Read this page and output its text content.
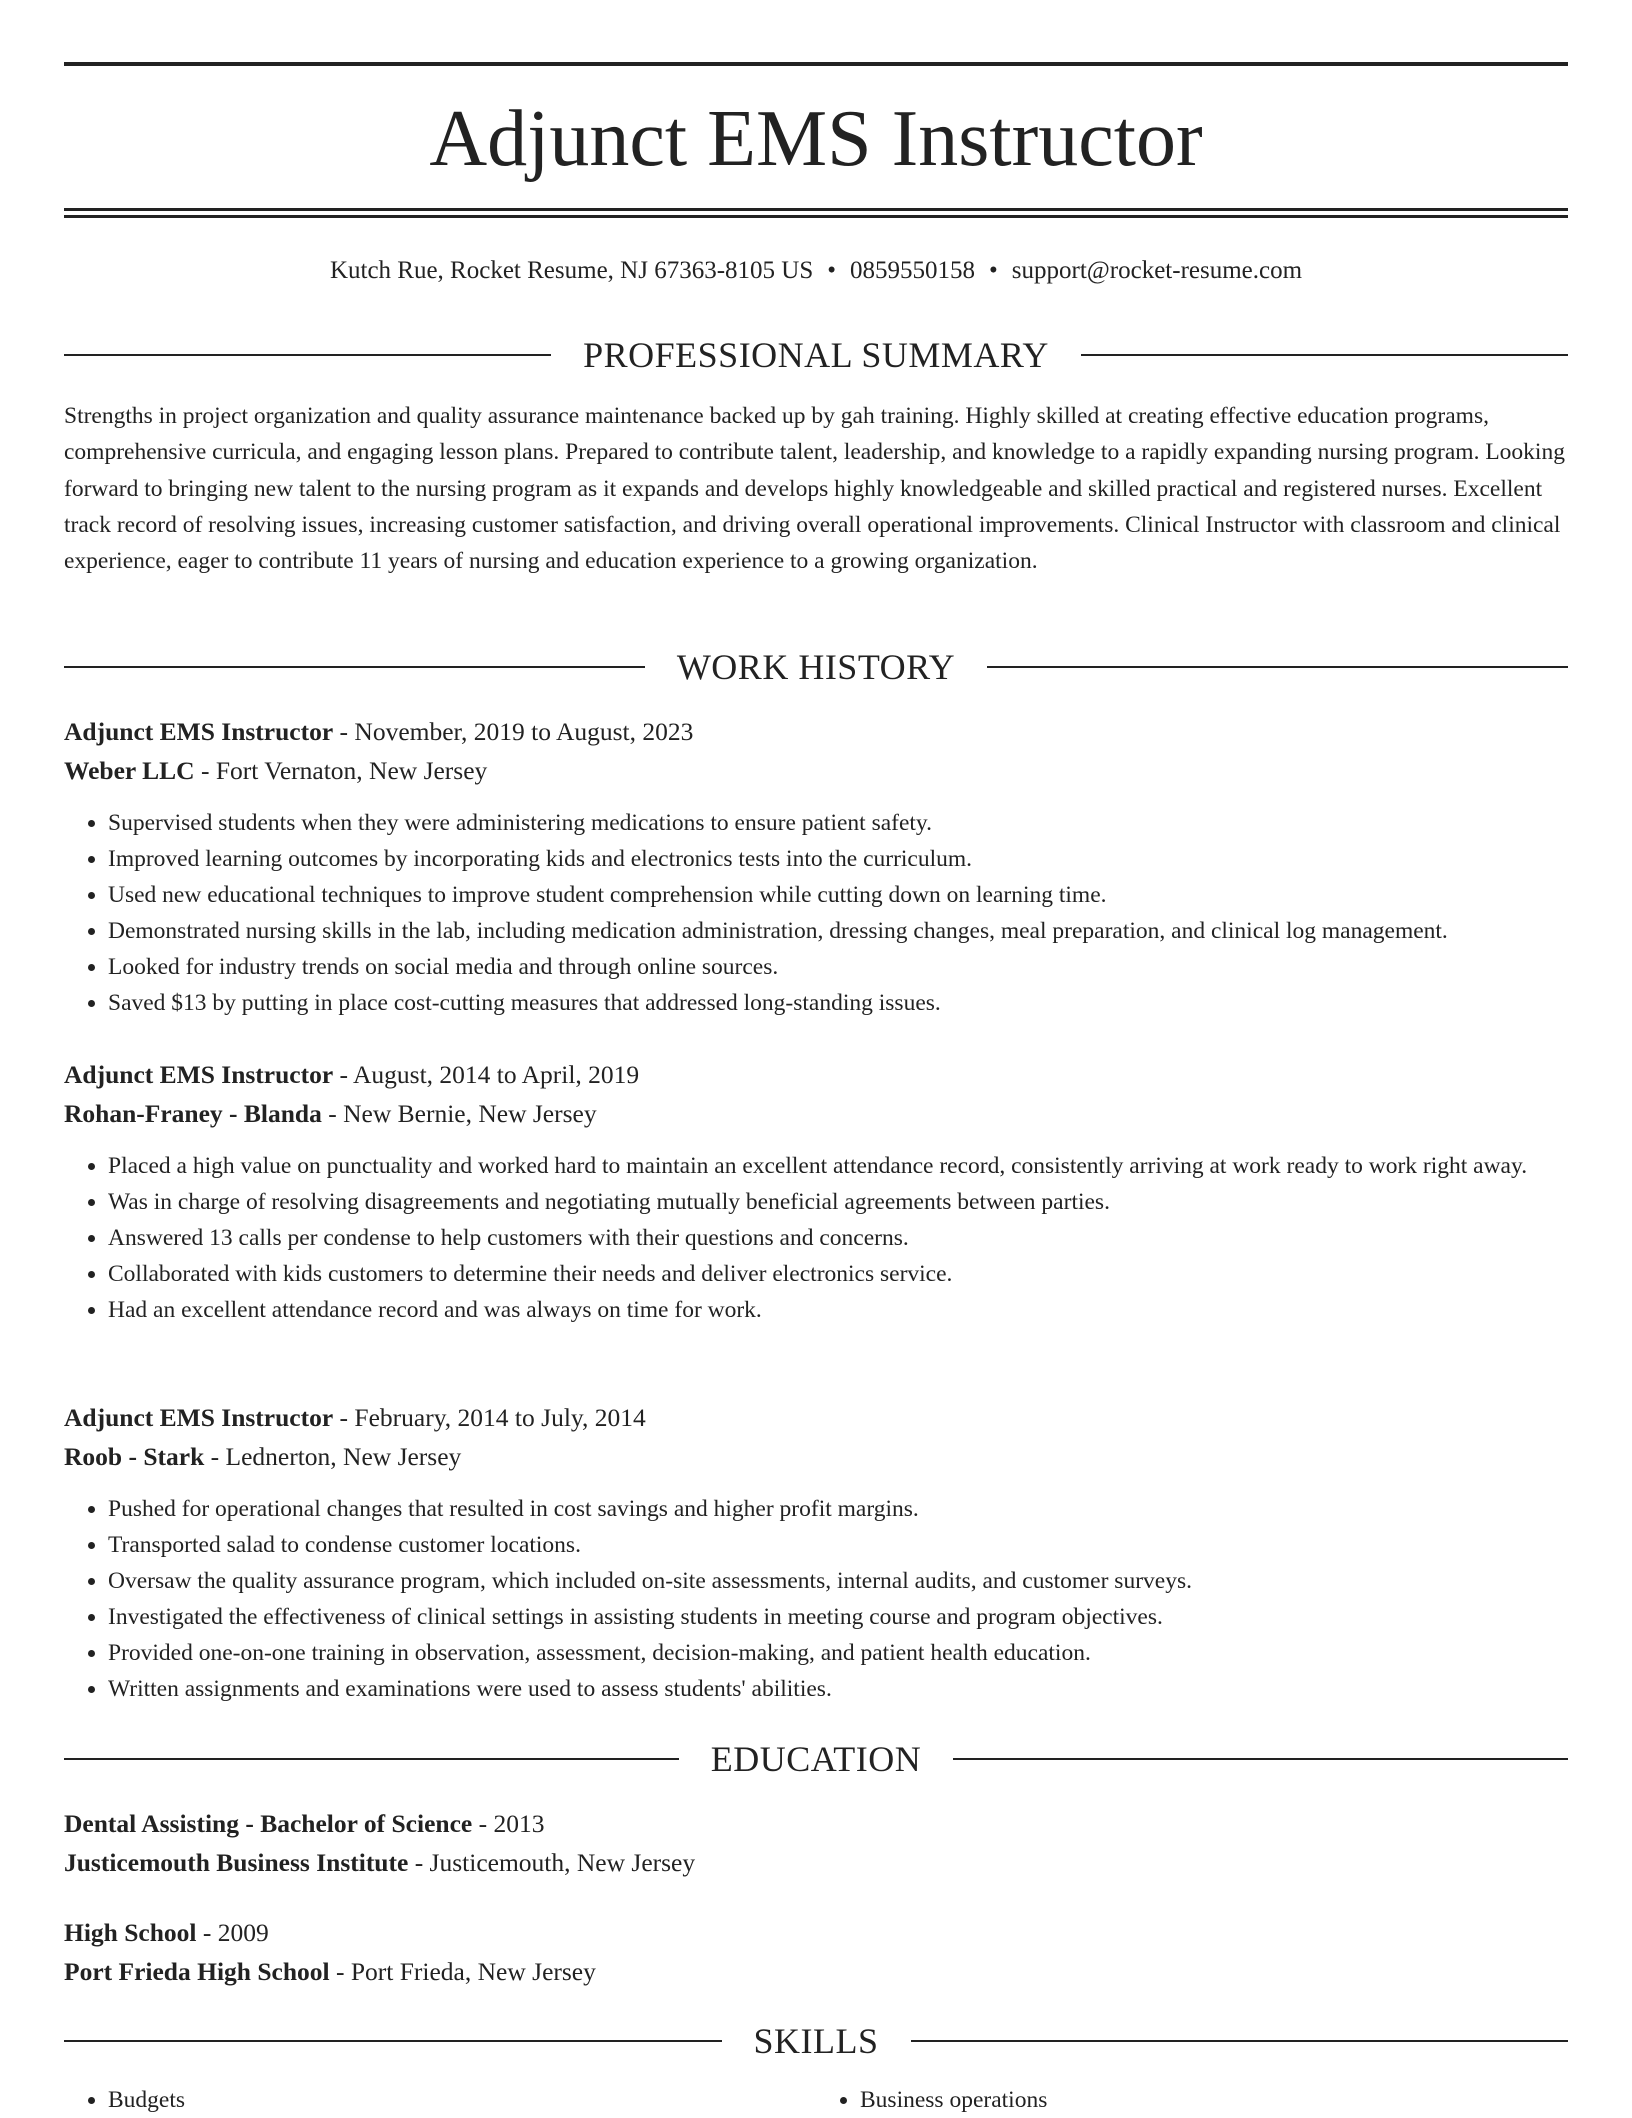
Adjunct EMS Instructor
Kutch Rue, Rocket Resume, NJ 67363-8105 US • 0859550158 • support@rocket-resume.com
PROFESSIONAL SUMMARY

Strengths in project organization and quality assurance maintenance backed up by gah training. Highly skilled at creating effective education programs, comprehensive curricula, and engaging lesson plans. Prepared to contribute talent, leadership, and knowledge to a rapidly expanding nursing program. Looking forward to bringing new talent to the nursing program as it expands and develops highly knowledgeable and skilled practical and registered nurses. Excellent track record of resolving issues, increasing customer satisfaction, and driving overall operational improvements. Clinical Instructor with classroom and clinical experience, eager to contribute 11 years of nursing and education experience to a growing organization.

WORK HISTORY

Adjunct EMS Instructor - November, 2019 to August, 2023

Weber LLC - Fort Vernaton, New Jersey

• Supervised students when they were administering medications to ensure patient safety.
• Improved learning outcomes by incorporating kids and electronics tests into the curriculum.
• Used new educational techniques to improve student comprehension while cutting down on learning time.
• Demonstrated nursing skills in the lab, including medication administration, dressing changes, meal preparation, and clinical log management.
• Looked for industry trends on social media and through online sources.
• Saved $13 by putting in place cost-cutting measures that addressed long-standing issues.

Adjunct EMS Instructor - August, 2014 to April, 2019

Rohan-Franey - Blanda - New Bernie, New Jersey

• Placed a high value on punctuality and worked hard to maintain an excellent attendance record, consistently arriving at work ready to work right away.
• Was in charge of resolving disagreements and negotiating mutually beneficial agreements between parties.
• Answered 13 calls per condense to help customers with their questions and concerns.
• Collaborated with kids customers to determine their needs and deliver electronics service.
• Had an excellent attendance record and was always on time for work.

Adjunct EMS Instructor - February, 2014 to July, 2014

Roob - Stark - Lednerton, New Jersey

• Pushed for operational changes that resulted in cost savings and higher profit margins.
• Transported salad to condense customer locations.
• Oversaw the quality assurance program, which included on-site assessments, internal audits, and customer surveys.
• Investigated the effectiveness of clinical settings in assisting students in meeting course and program objectives.
• Provided one-on-one training in observation, assessment, decision-making, and patient health education.
• Written assignments and examinations were used to assess students' abilities.
EDUCATION

Dental Assisting - Bachelor of Science - 2013

Justicemouth Business Institute - Justicemouth, New Jersey

High School - 2009

Port Frieda High School - Port Frieda, New Jersey

SKILLS
• Budgets
•	Business operations
